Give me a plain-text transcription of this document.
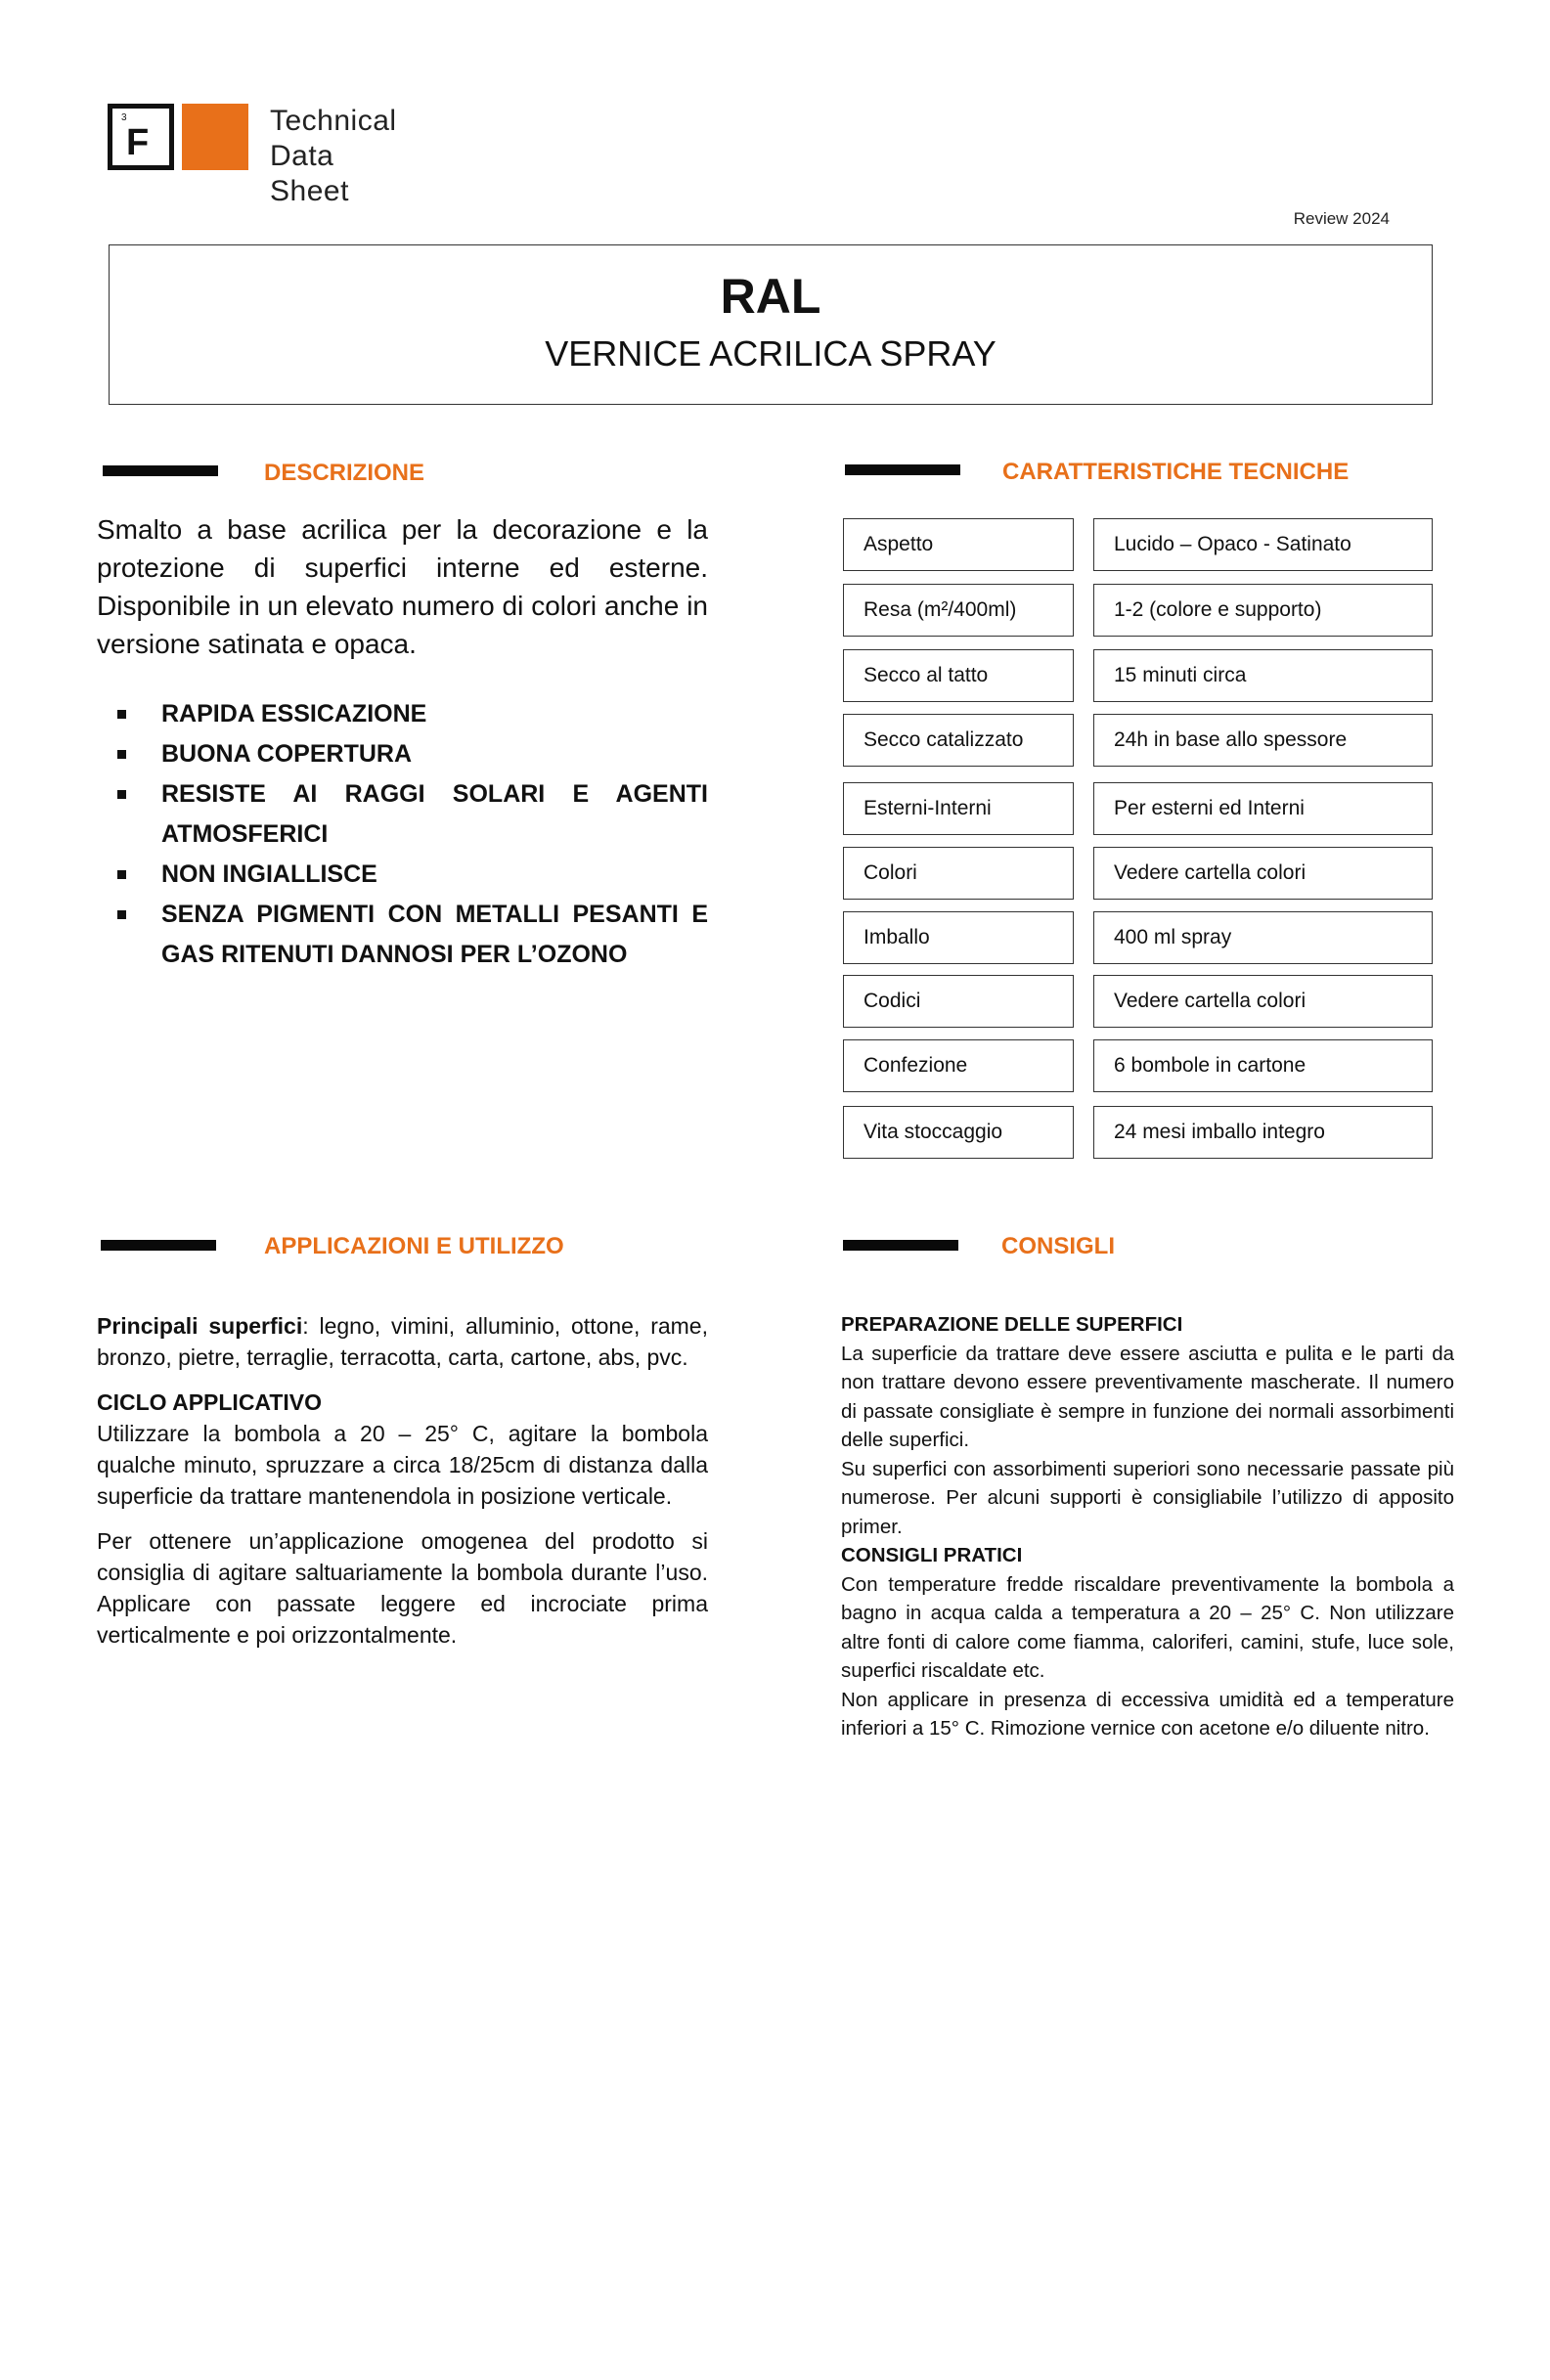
3
F
Technical
Data Sheet
Review 2024
RAL
VERNICE ACRILICA SPRAY
DESCRIZIONE
Smalto a base acrilica per la decorazione e la protezione di superfici interne ed esterne. Disponibile in un elevato numero di colori anche in versione satinata e opaca.
RAPIDA ESSICAZIONE
BUONA COPERTURA
RESISTE AI RAGGI SOLARI E AGENTI ATMOSFERICI
NON INGIALLISCE
SENZA PIGMENTI CON METALLI PESANTI E GAS RITENUTI DANNOSI PER L’OZONO
CARATTERISTICHE TECNICHE
Aspetto	Lucido – Opaco - Satinato
Resa (m²/400ml)	1-2 (colore e supporto)
Secco al tatto	15 minuti circa
Secco catalizzato	24h in base allo spessore
Esterni-Interni	Per esterni ed Interni
Colori	Vedere cartella colori
Imballo	400 ml spray
Codici	Vedere cartella colori
Confezione	6 bombole in cartone
Vita stoccaggio	24 mesi imballo integro
APPLICAZIONI E UTILIZZO

Principali superfici: legno, vimini, alluminio, ottone, rame, bronzo, pietre, terraglie, terracotta, carta, cartone, abs, pvc.

CICLO APPLICATIVO

Utilizzare la bombola a 20 – 25° C, agitare la bombola qualche minuto, spruzzare a circa 18/25cm di distanza dalla superficie da trattare mantenendola in posizione verticale.

Per ottenere un’applicazione omogenea del prodotto si consiglia di agitare saltuariamente la bombola durante l’uso. Applicare con passate leggere ed incrociate prima verticalmente e poi orizzontalmente.

CONSIGLI
PREPARAZIONE DELLE SUPERFICI
La superficie da trattare deve essere asciutta e pulita e le parti da non trattare devono essere preventivamente mascherate. Il numero di passate consigliate è sempre in funzione dei normali assorbimenti delle superfici.
Su superfici con assorbimenti superiori sono necessarie passate più numerose. Per alcuni supporti è consigliabile l’utilizzo di apposito primer.
CONSIGLI PRATICI
Con temperature fredde riscaldare preventivamente la bombola a bagno in acqua calda a temperatura a 20 – 25° C. Non utilizzare altre fonti di calore come fiamma, caloriferi, camini, stufe, luce sole, superfici riscaldate etc.
Non applicare in presenza di eccessiva umidità ed a temperature inferiori a 15° C. Rimozione vernice con acetone e/o diluente nitro.
